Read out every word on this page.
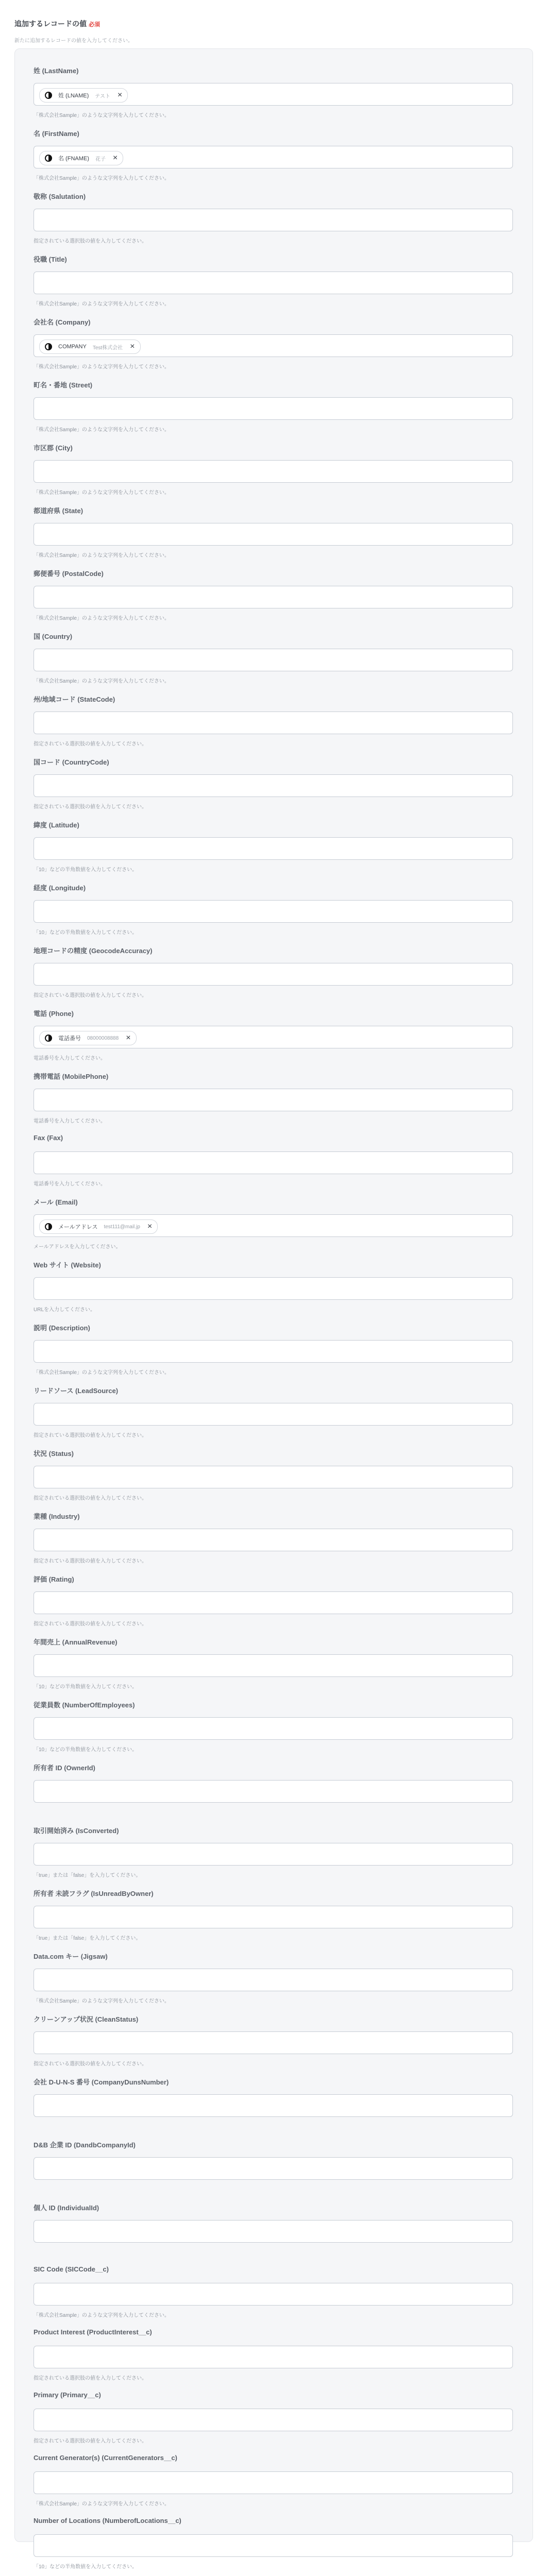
追加するレコードの値 必須
新たに追加するレコードの値を入力してください。
姓 (LastName)
姓 (LNAME) テスト ×
「株式会社Sample」のような文字列を入力してください。
名 (FirstName)
名 (FNAME) 花子 ×
「株式会社Sample」のような文字列を入力してください。
敬称 (Salutation)
指定されている選択肢の値を入力してください。
役職 (Title)
「株式会社Sample」のような文字列を入力してください。
会社名 (Company)
COMPANY Test株式会社 ×
「株式会社Sample」のような文字列を入力してください。
町名・番地 (Street)
「株式会社Sample」のような文字列を入力してください。
市区郡 (City)
「株式会社Sample」のような文字列を入力してください。
都道府県 (State)
「株式会社Sample」のような文字列を入力してください。
郵便番号 (PostalCode)
「株式会社Sample」のような文字列を入力してください。
国 (Country)
「株式会社Sample」のような文字列を入力してください。
州/地域コード (StateCode)
指定されている選択肢の値を入力してください。
国コード (CountryCode)
指定されている選択肢の値を入力してください。
緯度 (Latitude)
「10」などの半角数値を入力してください。
経度 (Longitude)
「10」などの半角数値を入力してください。
地理コードの精度 (GeocodeAccuracy)
指定されている選択肢の値を入力してください。
電話 (Phone)
電話番号 08000008888 ×
電話番号を入力してください。
携帯電話 (MobilePhone)
電話番号を入力してください。
Fax (Fax)
電話番号を入力してください。
メール (Email)
メールアドレス test111@mail.jp ×
メールアドレスを入力してください。
Web サイト (Website)
URLを入力してください。
説明 (Description)
「株式会社Sample」のような文字列を入力してください。
リードソース (LeadSource)
指定されている選択肢の値を入力してください。
状況 (Status)
指定されている選択肢の値を入力してください。
業種 (Industry)
指定されている選択肢の値を入力してください。
評価 (Rating)
指定されている選択肢の値を入力してください。
年間売上 (AnnualRevenue)
「10」などの半角数値を入力してください。
従業員数 (NumberOfEmployees)
「10」などの半角数値を入力してください。
所有者 ID (OwnerId)
取引開始済み (IsConverted)
「true」または「false」を入力してください。
所有者 未読フラグ (IsUnreadByOwner)
「true」または「false」を入力してください。
Data.com キー (Jigsaw)
「株式会社Sample」のような文字列を入力してください。
クリーンアップ状況 (CleanStatus)
指定されている選択肢の値を入力してください。
会社 D-U-N-S 番号 (CompanyDunsNumber)
D&B 企業 ID (DandbCompanyId)
個人 ID (IndividualId)
SIC Code (SICCode__c)
「株式会社Sample」のような文字列を入力してください。
Product Interest (ProductInterest__c)
指定されている選択肢の値を入力してください。
Primary (Primary__c)
指定されている選択肢の値を入力してください。
Current Generator(s) (CurrentGenerators__c)
「株式会社Sample」のような文字列を入力してください。
Number of Locations (NumberofLocations__c)
「10」などの半角数値を入力してください。
